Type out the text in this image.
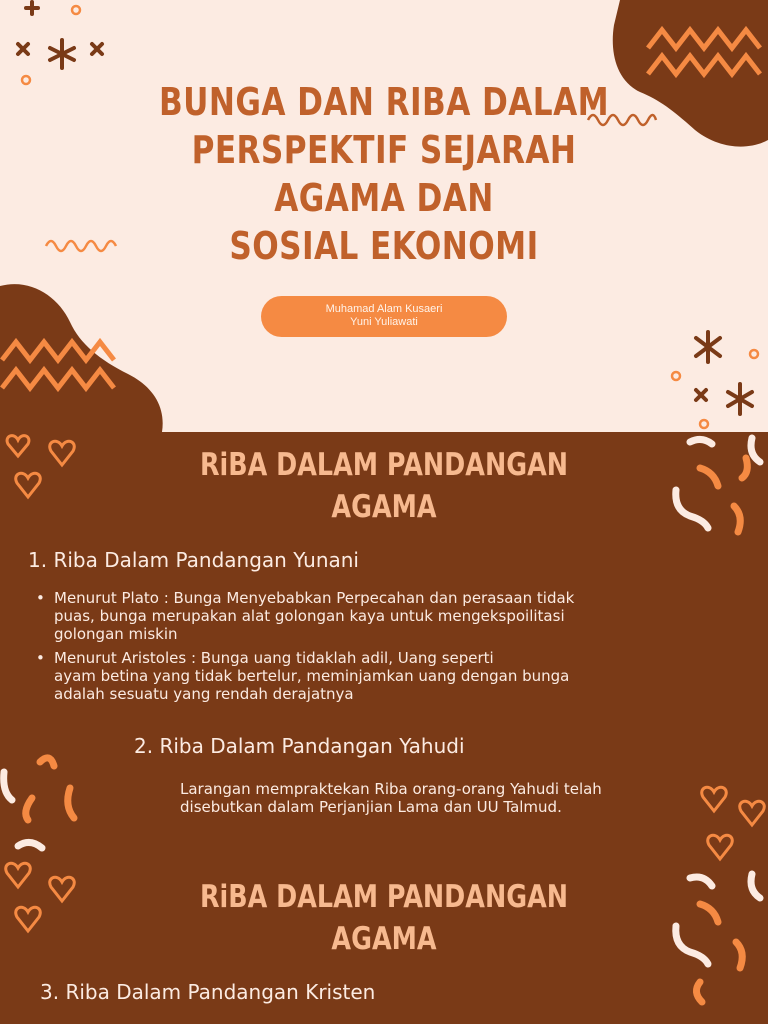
BUNGA DAN RIBA DALAM
PERSPEKTIF SEJARAH
AGAMA DAN
SOSIAL EKONOMI
Muhamad Alam Kusaeri
Yuni Yuliawati
RiBA DALAM PANDANGAN
AGAMA
1. Riba Dalam Pandangan Yunani
• Menurut Plato : Bunga Menyebabkan Perpecahan dan perasaan tidak
puas, bunga merupakan alat golongan kaya untuk mengekspoilitasi
golongan miskin
• Menurut Aristoles : Bunga uang tidaklah adil, Uang seperti
ayam betina yang tidak bertelur, meminjamkan uang dengan bunga
adalah sesuatu yang rendah derajatnya
2. Riba Dalam Pandangan Yahudi
Larangan mempraktekan Riba orang-orang Yahudi telah
disebutkan dalam Perjanjian Lama dan UU Talmud.
RiBA DALAM PANDANGAN
AGAMA
3. Riba Dalam Pandangan Kristen
